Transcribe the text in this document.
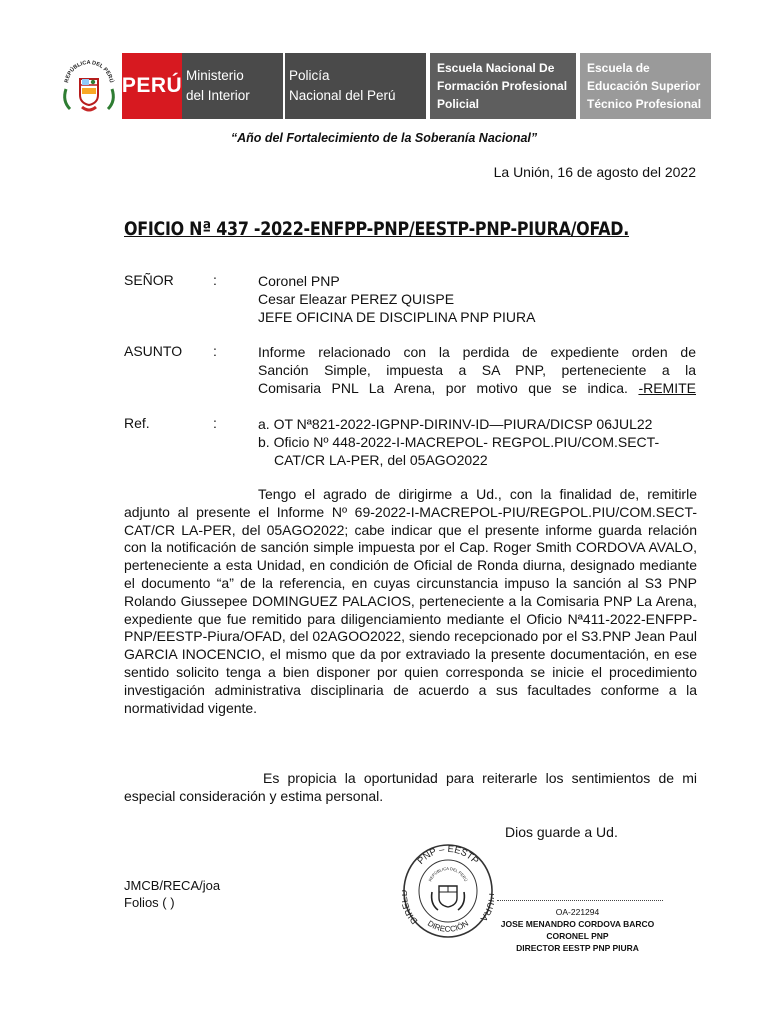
REPÚBLICA DEL PERÚ PERÚ Ministerio
del Interior
Policía
Nacional del Perú
Escuela Nacional De
Formación Profesional
Policial
Escuela de
Educación Superior
Técnico Profesional
“Año del Fortalecimiento de la Soberanía Nacional”
La Unión, 16 de agosto del 2022
OFICIO Nª 437 -2022-ENFPP-PNP/EESTP-PNP-PIURA/OFAD.
SEÑOR	:	Coronel PNP
Cesar Eleazar PEREZ QUISPE
JEFE OFICINA DE DISCIPLINA PNP PIURA
ASUNTO :	Informe relacionado con la perdida de expediente orden de
Sanción Simple, impuesta a SA PNP, perteneciente a la
Comisaria PNL La Arena, por motivo que se indica. -REMITE
Ref.	:	a. OT Nª821-2022-IGPNP-DIRINV-ID—PIURA/DICSP 06JUL22
b. Oficio Nº 448-2022-I-MACREPOL- REGPOL.PIU/COM.SECT-
CAT/CR LA-PER, del 05AGO2022
Tengo el agrado de dirigirme a Ud., con la finalidad de, remitirle adjunto al presente el Informe Nº 69-2022-I-MACREPOL-PIU/REGPOL.PIU/COM.SECT-CAT/CR LA-PER, del 05AGO2022; cabe indicar que el presente informe guarda relación con la notificación de sanción simple impuesta por el Cap. Roger Smith CORDOVA AVALO, perteneciente a esta Unidad, en condición de Oficial de Ronda diurna, designado mediante el documento “a” de la referencia, en cuyas circunstancia impuso la sanción al S3 PNP Rolando Giussepee DOMINGUEZ PALACIOS, perteneciente a la Comisaria PNP La Arena, expediente que fue remitido para diligenciamiento mediante el Oficio Nª411-2022-ENFPP-PNP/EESTP-Piura/OFAD, del 02AGOO2022, siendo recepcionado por el S3.PNP Jean Paul GARCIA INOCENCIO, el mismo que da por extraviado la presente documentación, en ese sentido solicito tenga a bien disponer por quien corresponda se inicie el procedimiento investigación administrativa disciplinaria de acuerdo a sus facultades conforme a la normatividad vigente.
Es propicia la oportunidad para reiterarle los sentimientos de mi especial consideración y estima personal.
Dios guarde a Ud.
JMCB/RECA/joa
Folios ( )
PNP – EESTP
DIR	RA
DIRECCIÓN
REPÚBLICA DEL PERÚ
OA-221294
JOSE MENANDRO CORDOVA BARCO
CORONEL PNP
DIRECTOR EESTP PNP PIURA
